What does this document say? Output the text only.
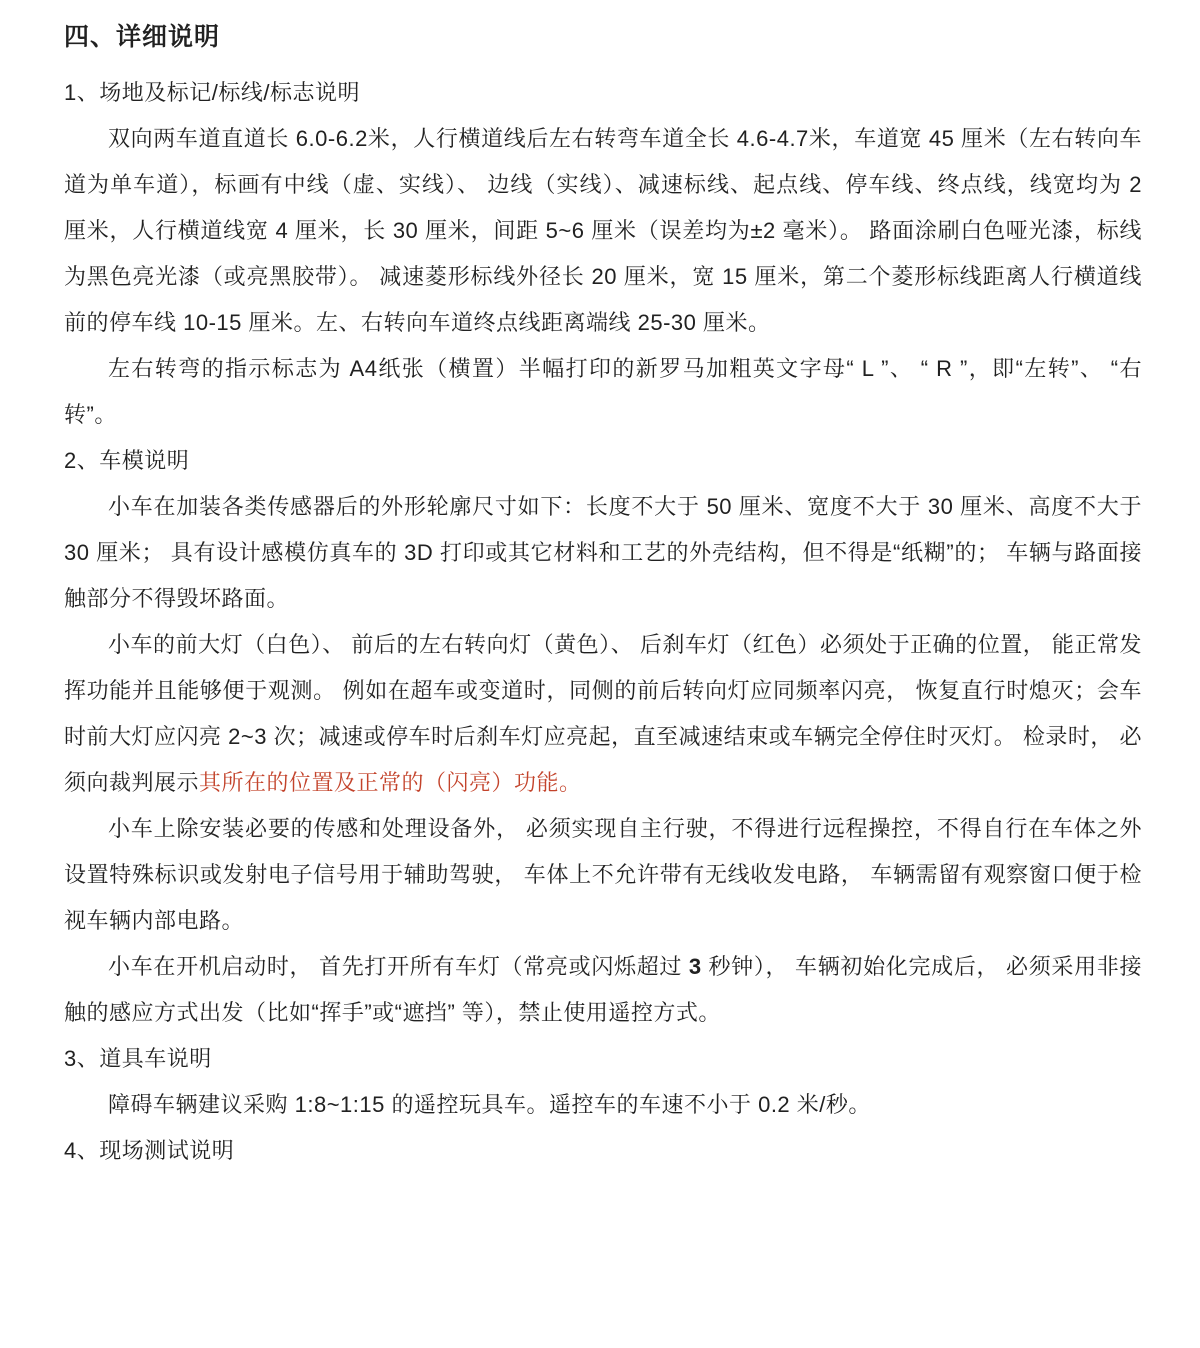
四、详细说明
1、场地及标记/标线/标志说明
双向两车道直道长 6.0-6.2米，人行横道线后左右转弯车道全长 4.6-4.7米，车道宽 45 厘米（左右转向车道为单车道），标画有中线（虚、实线）、 边线（实线）、减速标线、起点线、停车线、终点线，线宽均为 2 厘米，人行横道线宽 4 厘米，长 30 厘米，间距 5~6 厘米（误差均为±2 毫米）。 路面涂刷白色哑光漆，标线为黑色亮光漆（或亮黑胶带）。 减速菱形标线外径长 20 厘米，宽 15 厘米，第二个菱形标线距离人行横道线前的停车线 10-15 厘米。左、右转向车道终点线距离端线 25-30 厘米。
左右转弯的指示标志为 A4纸张（横置）半幅打印的新罗马加粗英文字母“ L ”、 “ R ”，即“左转”、 “右转”。
2、车模说明
小车在加装各类传感器后的外形轮廓尺寸如下：长度不大于 50 厘米、宽度不大于 30 厘米、高度不大于 30 厘米； 具有设计感模仿真车的 3D 打印或其它材料和工艺的外壳结构，但不得是“纸糊”的； 车辆与路面接触部分不得毁坏路面。
小车的前大灯（白色）、 前后的左右转向灯（黄色）、 后刹车灯（红色）必须处于正确的位置， 能正常发挥功能并且能够便于观测。 例如在超车或变道时，同侧的前后转向灯应同频率闪亮， 恢复直行时熄灭；会车时前大灯应闪亮 2~3 次；减速或停车时后刹车灯应亮起，直至减速结束或车辆完全停住时灭灯。 检录时， 必须向裁判展示其所在的位置及正常的（闪亮）功能。
小车上除安装必要的传感和处理设备外， 必须实现自主行驶，不得进行远程操控，不得自行在车体之外设置特殊标识或发射电子信号用于辅助驾驶， 车体上不允许带有无线收发电路， 车辆需留有观察窗口便于检视车辆内部电路。
小车在开机启动时， 首先打开所有车灯（常亮或闪烁超过 3 秒钟）， 车辆初始化完成后， 必须采用非接触的感应方式出发（比如“挥手”或“遮挡” 等），禁止使用遥控方式。
3、道具车说明
障碍车辆建议采购 1:8~1:15 的遥控玩具车。遥控车的车速不小于 0.2 米/秒。
4、现场测试说明
